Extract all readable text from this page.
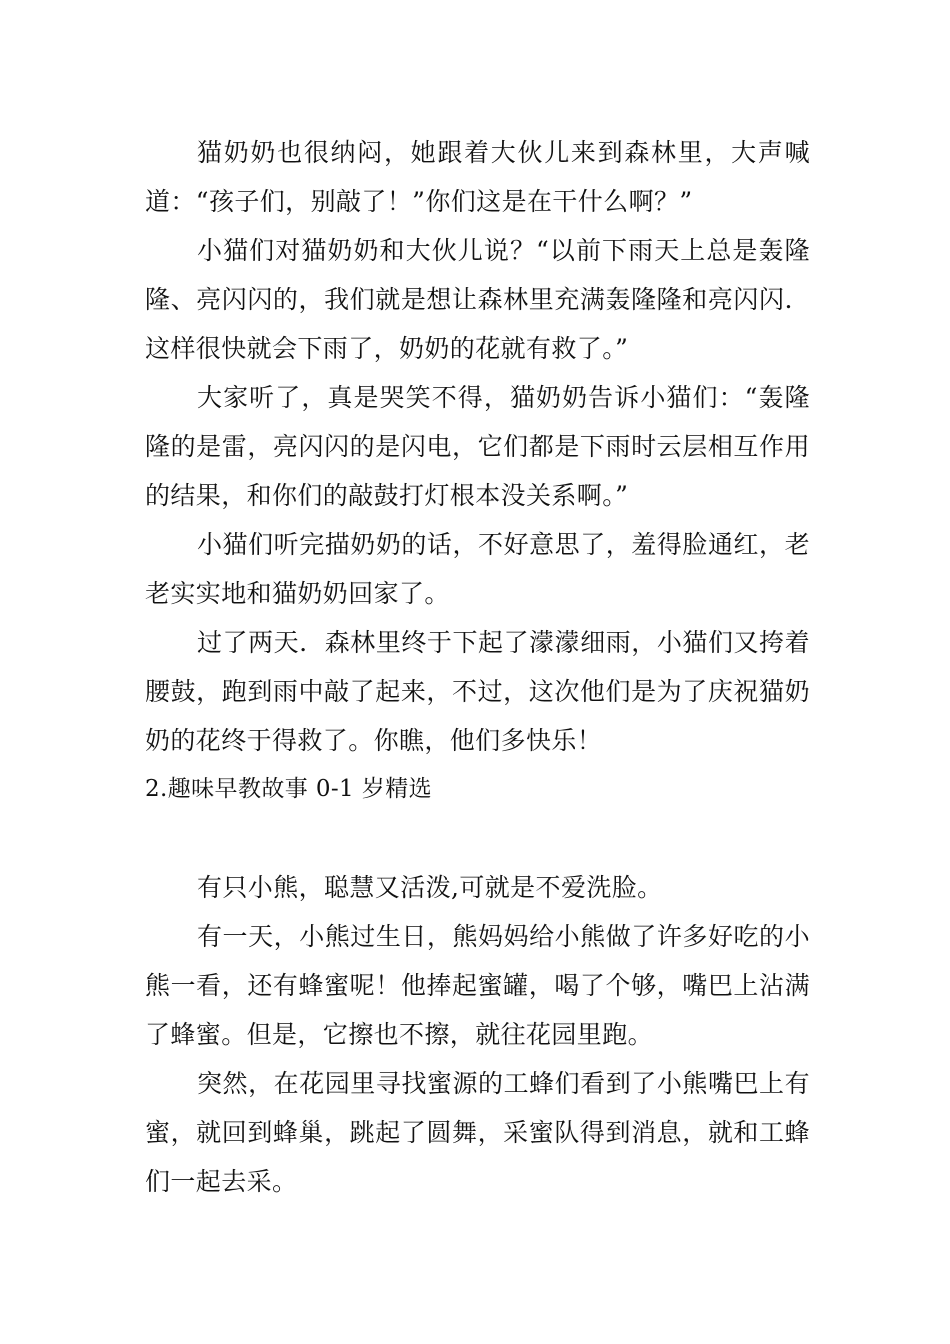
猫奶奶也很纳闷，她跟着大伙儿来到森林里，大声喊道：“孩子们，别敲了！”你们这是在干什么啊？”

小猫们对猫奶奶和大伙儿说？“以前下雨天上总是轰隆隆、亮闪闪的，我们就是想让森林里充满轰隆隆和亮闪闪．这样很快就会下雨了，奶奶的花就有救了。”

大家听了，真是哭笑不得，猫奶奶告诉小猫们：“轰隆隆的是雷，亮闪闪的是闪电，它们都是下雨时云层相互作用的结果，和你们的敲鼓打灯根本没关系啊。”

小猫们听完描奶奶的话，不好意思了，羞得脸通红，老老实实地和猫奶奶回家了。

过了两天．森林里终于下起了濛濛细雨，小猫们又挎着腰鼓，跑到雨中敲了起来，不过，这次他们是为了庆祝猫奶奶的花终于得救了。你瞧，他们多快乐！

2.趣味早教故事 0-1 岁精选

有只小熊，聪慧又活泼,可就是不爱洗脸。

有一天，小熊过生日，熊妈妈给小熊做了许多好吃的小熊一看，还有蜂蜜呢！他捧起蜜罐，喝了个够，嘴巴上沾满了蜂蜜。但是，它擦也不擦，就往花园里跑。

突然，在花园里寻找蜜源的工蜂们看到了小熊嘴巴上有蜜，就回到蜂巢，跳起了圆舞，采蜜队得到消息，就和工蜂们一起去采。
